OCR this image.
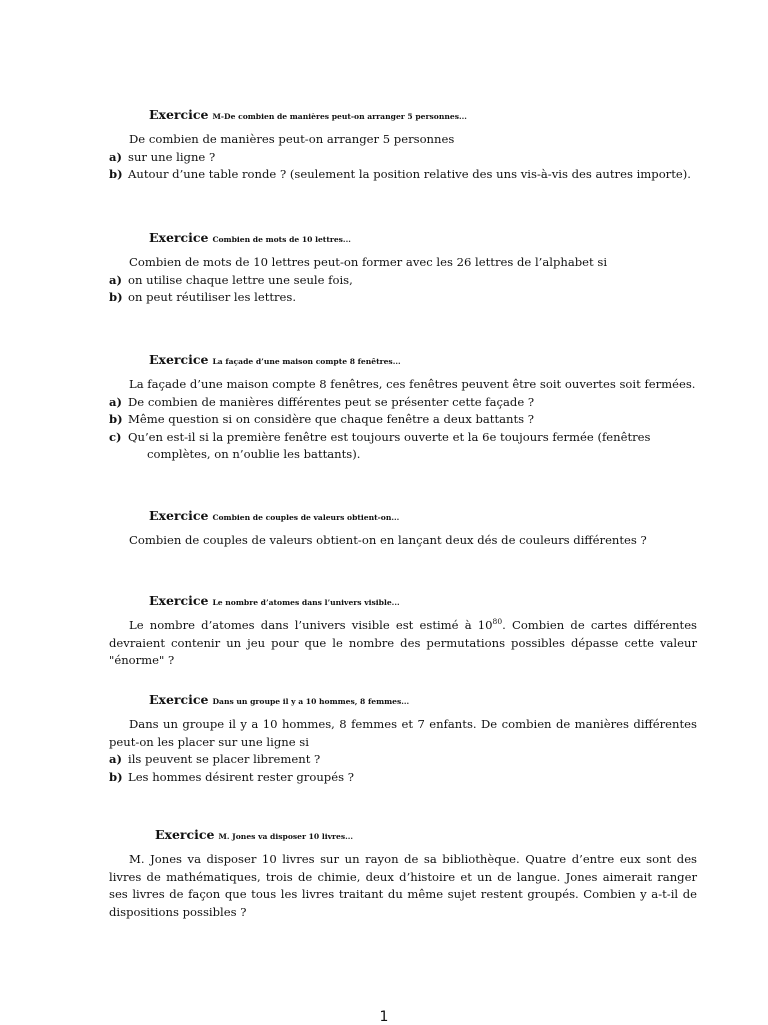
Exercice M-De combien de manières peut-on arranger 5 personnes...
De combien de manières peut-on arranger 5 personnes
a) sur une ligne ?
b) Autour d’une table ronde ? (seulement la position relative des uns vis-à-vis des autres importe).
Exercice Combien de mots de 10 lettres...
Combien de mots de 10 lettres peut-on former avec les 26 lettres de l’alphabet si
a) on utilise chaque lettre une seule fois,
b) on peut réutiliser les lettres.
Exercice La façade d’une maison compte 8 fenêtres...
La façade d’une maison compte 8 fenêtres, ces fenêtres peuvent être soit ouvertes soit fermées.
a) De combien de manières différentes peut se présenter cette façade ?
b) Même question si on considère que chaque fenêtre a deux battants ?
c) Qu’en est-il si la première fenêtre est toujours ouverte et la 6e toujours fermée (fenêtres complètes, on n’oublie les battants).
Exercice Combien de couples de valeurs obtient-on...
Combien de couples de valeurs obtient-on en lançant deux dés de couleurs différentes ?
Exercice Le nombre d’atomes dans l’univers visible...
Le nombre d’atomes dans l’univers visible est estimé à $10^{80}$. Combien de cartes différentes devraient contenir un jeu pour que le nombre des permutations possibles dépasse cette valeur "énorme" ?
Exercice Dans un groupe il y a 10 hommes, 8 femmes...
Dans un groupe il y a 10 hommes, 8 femmes et 7 enfants. De combien de manières différentes peut-on les placer sur une ligne si
a) ils peuvent se placer librement ?
b) Les hommes désirent rester groupés ?
Exercice M. Jones va disposer 10 livres...
M. Jones va disposer 10 livres sur un rayon de sa bibliothèque. Quatre d’entre eux sont des livres de mathématiques, trois de chimie, deux d’histoire et un de langue. Jones aimerait ranger ses livres de façon que tous les livres traitant du même sujet restent groupés. Combien y a-t-il de dispositions possibles ?
1
